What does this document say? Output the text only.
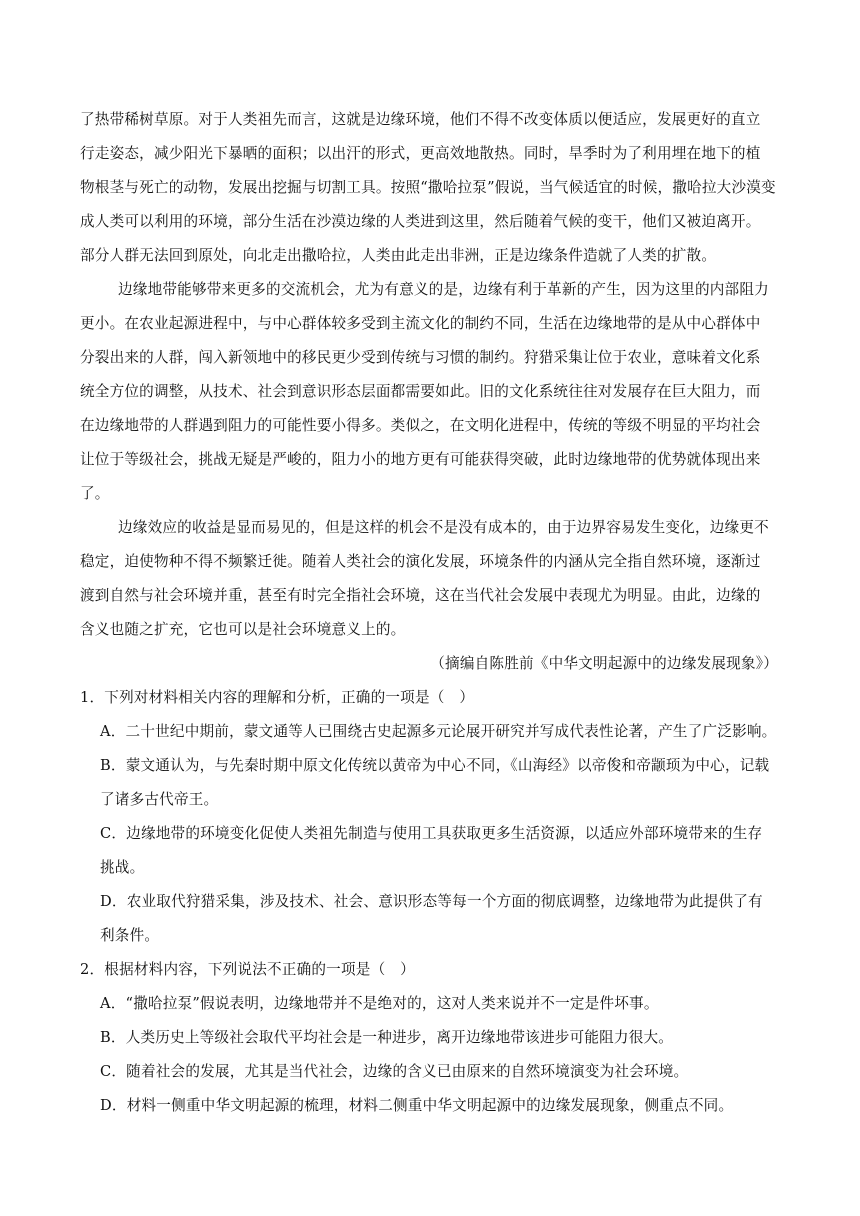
了热带稀树草原。对于人类祖先而言，这就是边缘环境，他们不得不改变体质以便适应，发展更好的直立
行走姿态，减少阳光下暴晒的面积；以出汗的形式，更高效地散热。同时，旱季时为了利用埋在地下的植
物根茎与死亡的动物，发展出挖掘与切割工具。按照“撒哈拉泵”假说，当气候适宜的时候，撒哈拉大沙漠变
成人类可以利用的环境，部分生活在沙漠边缘的人类进到这里，然后随着气候的变干，他们又被迫离开。
部分人群无法回到原处，向北走出撒哈拉，人类由此走出非洲，正是边缘条件造就了人类的扩散。
边缘地带能够带来更多的交流机会，尤为有意义的是，边缘有利于革新的产生，因为这里的内部阻力
更小。在农业起源进程中，与中心群体较多受到主流文化的制约不同，生活在边缘地带的是从中心群体中
分裂出来的人群，闯入新领地中的移民更少受到传统与习惯的制约。狩猎采集让位于农业，意味着文化系
统全方位的调整，从技术、社会到意识形态层面都需要如此。旧的文化系统往往对发展存在巨大阻力，而
在边缘地带的人群遇到阻力的可能性要小得多。类似之，在文明化进程中，传统的等级不明显的平均社会
让位于等级社会，挑战无疑是严峻的，阻力小的地方更有可能获得突破，此时边缘地带的优势就体现出来
了。
边缘效应的收益是显而易见的，但是这样的机会不是没有成本的，由于边界容易发生变化，边缘更不
稳定，迫使物种不得不频繁迁徙。随着人类社会的演化发展，环境条件的内涵从完全指自然环境，逐渐过
渡到自然与社会环境并重，甚至有时完全指社会环境，这在当代社会发展中表现尤为明显。由此，边缘的
含义也随之扩充，它也可以是社会环境意义上的。
（摘编自陈胜前《中华文明起源中的边缘发展现象》）
1．下列对材料相关内容的理解和分析，正确的一项是（　）
A．二十世纪中期前，蒙文通等人已围绕古史起源多元论展开研究并写成代表性论著，产生了广泛影响。
B．蒙文通认为，与先秦时期中原文化传统以黄帝为中心不同，《山海经》以帝俊和帝颛顼为中心，记载
了诸多古代帝王。
C．边缘地带的环境变化促使人类祖先制造与使用工具获取更多生活资源，以适应外部环境带来的生存
挑战。
D．农业取代狩猎采集，涉及技术、社会、意识形态等每一个方面的彻底调整，边缘地带为此提供了有
利条件。
2．根据材料内容，下列说法不正确的一项是（　）
A．“撒哈拉泵”假说表明，边缘地带并不是绝对的，这对人类来说并不一定是件坏事。
B．人类历史上等级社会取代平均社会是一种进步，离开边缘地带该进步可能阻力很大。
C．随着社会的发展，尤其是当代社会，边缘的含义已由原来的自然环境演变为社会环境。
D．材料一侧重中华文明起源的梳理，材料二侧重中华文明起源中的边缘发展现象，侧重点不同。
